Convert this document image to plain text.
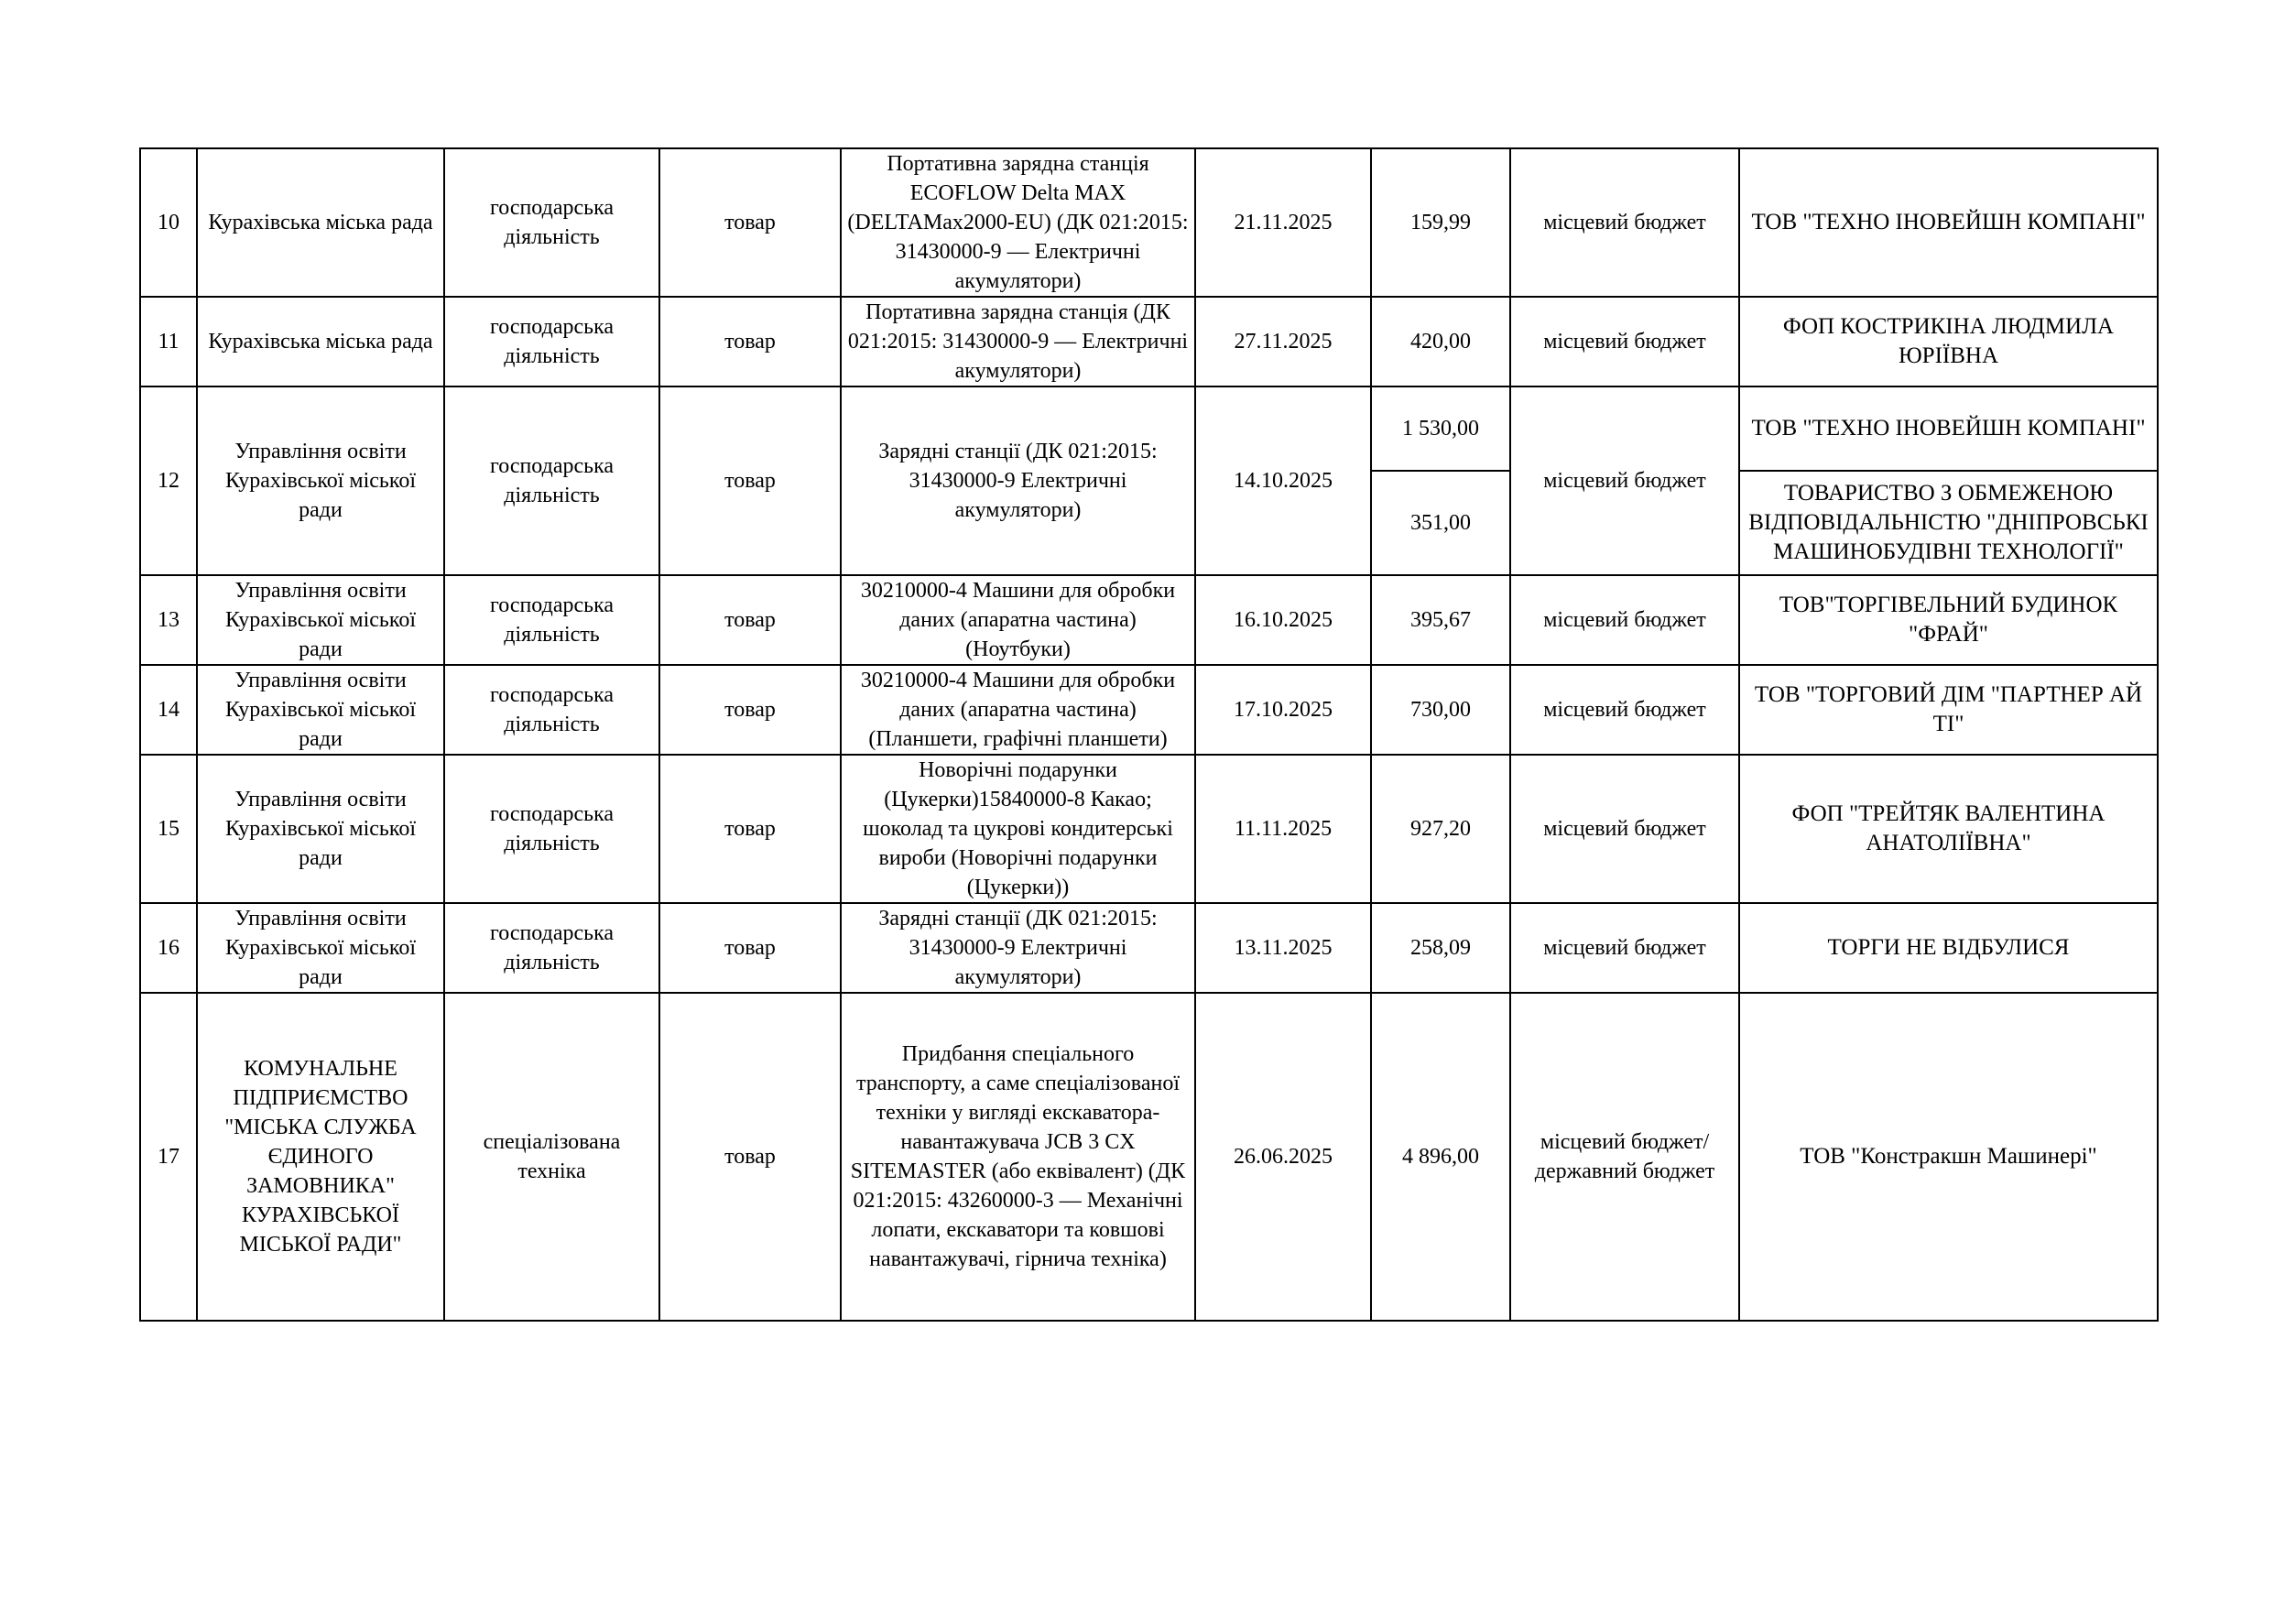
10	Курахівська міська рада	господарська діяльність	товар	Портативна зарядна станція ECOFLOW Delta MAX (DELTAMax2000-EU) (ДК 021:2015: 31430000-9 — Електричні акумулятори)	21.11.2025	159,99	місцевий бюджет	ТОВ "ТЕХНО ІНОВЕЙШН КОМПАНІ"
11	Курахівська міська рада	господарська діяльність	товар	Портативна зарядна станція (ДК 021:2015: 31430000-9 — Електричні акумулятори)	27.11.2025	420,00	місцевий бюджет	ФОП КОСТРИКІНА ЛЮДМИЛА ЮРІЇВНА
12	Управління освіти Курахівської міської ради	господарська діяльність	товар	Зарядні станції (ДК 021:2015: 31430000-9 Електричні акумулятори)	14.10.2025	1 530,00	місцевий бюджет	ТОВ "ТЕХНО ІНОВЕЙШН КОМПАНІ"
						351,00		ТОВАРИСТВО З ОБМЕЖЕНОЮ ВІДПОВІДАЛЬНІСТЮ "ДНІПРОВСЬКІ МАШИНОБУДІВНІ ТЕХНОЛОГІЇ"
13	Управління освіти Курахівської міської ради	господарська діяльність	товар	30210000-4 Машини для обробки даних (апаратна частина) (Ноутбуки)	16.10.2025	395,67	місцевий бюджет	ТОВ"ТОРГІВЕЛЬНИЙ БУДИНОК "ФРАЙ"
14	Управління освіти Курахівської міської ради	господарська діяльність	товар	30210000-4 Машини для обробки даних (апаратна частина) (Планшети, графічні планшети)	17.10.2025	730,00	місцевий бюджет	ТОВ "ТОРГОВИЙ ДІМ "ПАРТНЕР АЙ ТІ"
15	Управління освіти Курахівської міської ради	господарська діяльність	товар	Новорічні подарунки (Цукерки)15840000-8 Какао; шоколад та цукрові кондитерські вироби (Новорічні подарунки (Цукерки))	11.11.2025	927,20	місцевий бюджет	ФОП "ТРЕЙТЯК ВАЛЕНТИНА АНАТОЛІЇВНА"
16	Управління освіти Курахівської міської ради	господарська діяльність	товар	Зарядні станції (ДК 021:2015: 31430000-9 Електричні акумулятори)	13.11.2025	258,09	місцевий бюджет	ТОРГИ НЕ ВІДБУЛИСЯ
17	КОМУНАЛЬНЕ ПІДПРИЄМСТВО "МІСЬКА СЛУЖБА ЄДИНОГО ЗАМОВНИКА" КУРАХІВСЬКОЇ МІСЬКОЇ РАДИ"	спеціалізована техніка	товар	Придбання спеціального транспорту, а саме спеціалізованої техніки у вигляді екскаватора-навантажувача JCB 3 CX SITEMASTER (або еквівалент) (ДК 021:2015: 43260000-3 — Механічні лопати, екскаватори та ковшові навантажувачі, гірнича техніка)	26.06.2025	4 896,00	місцевий бюджет/державний бюджет	ТОВ "Констракшн Машинері"
